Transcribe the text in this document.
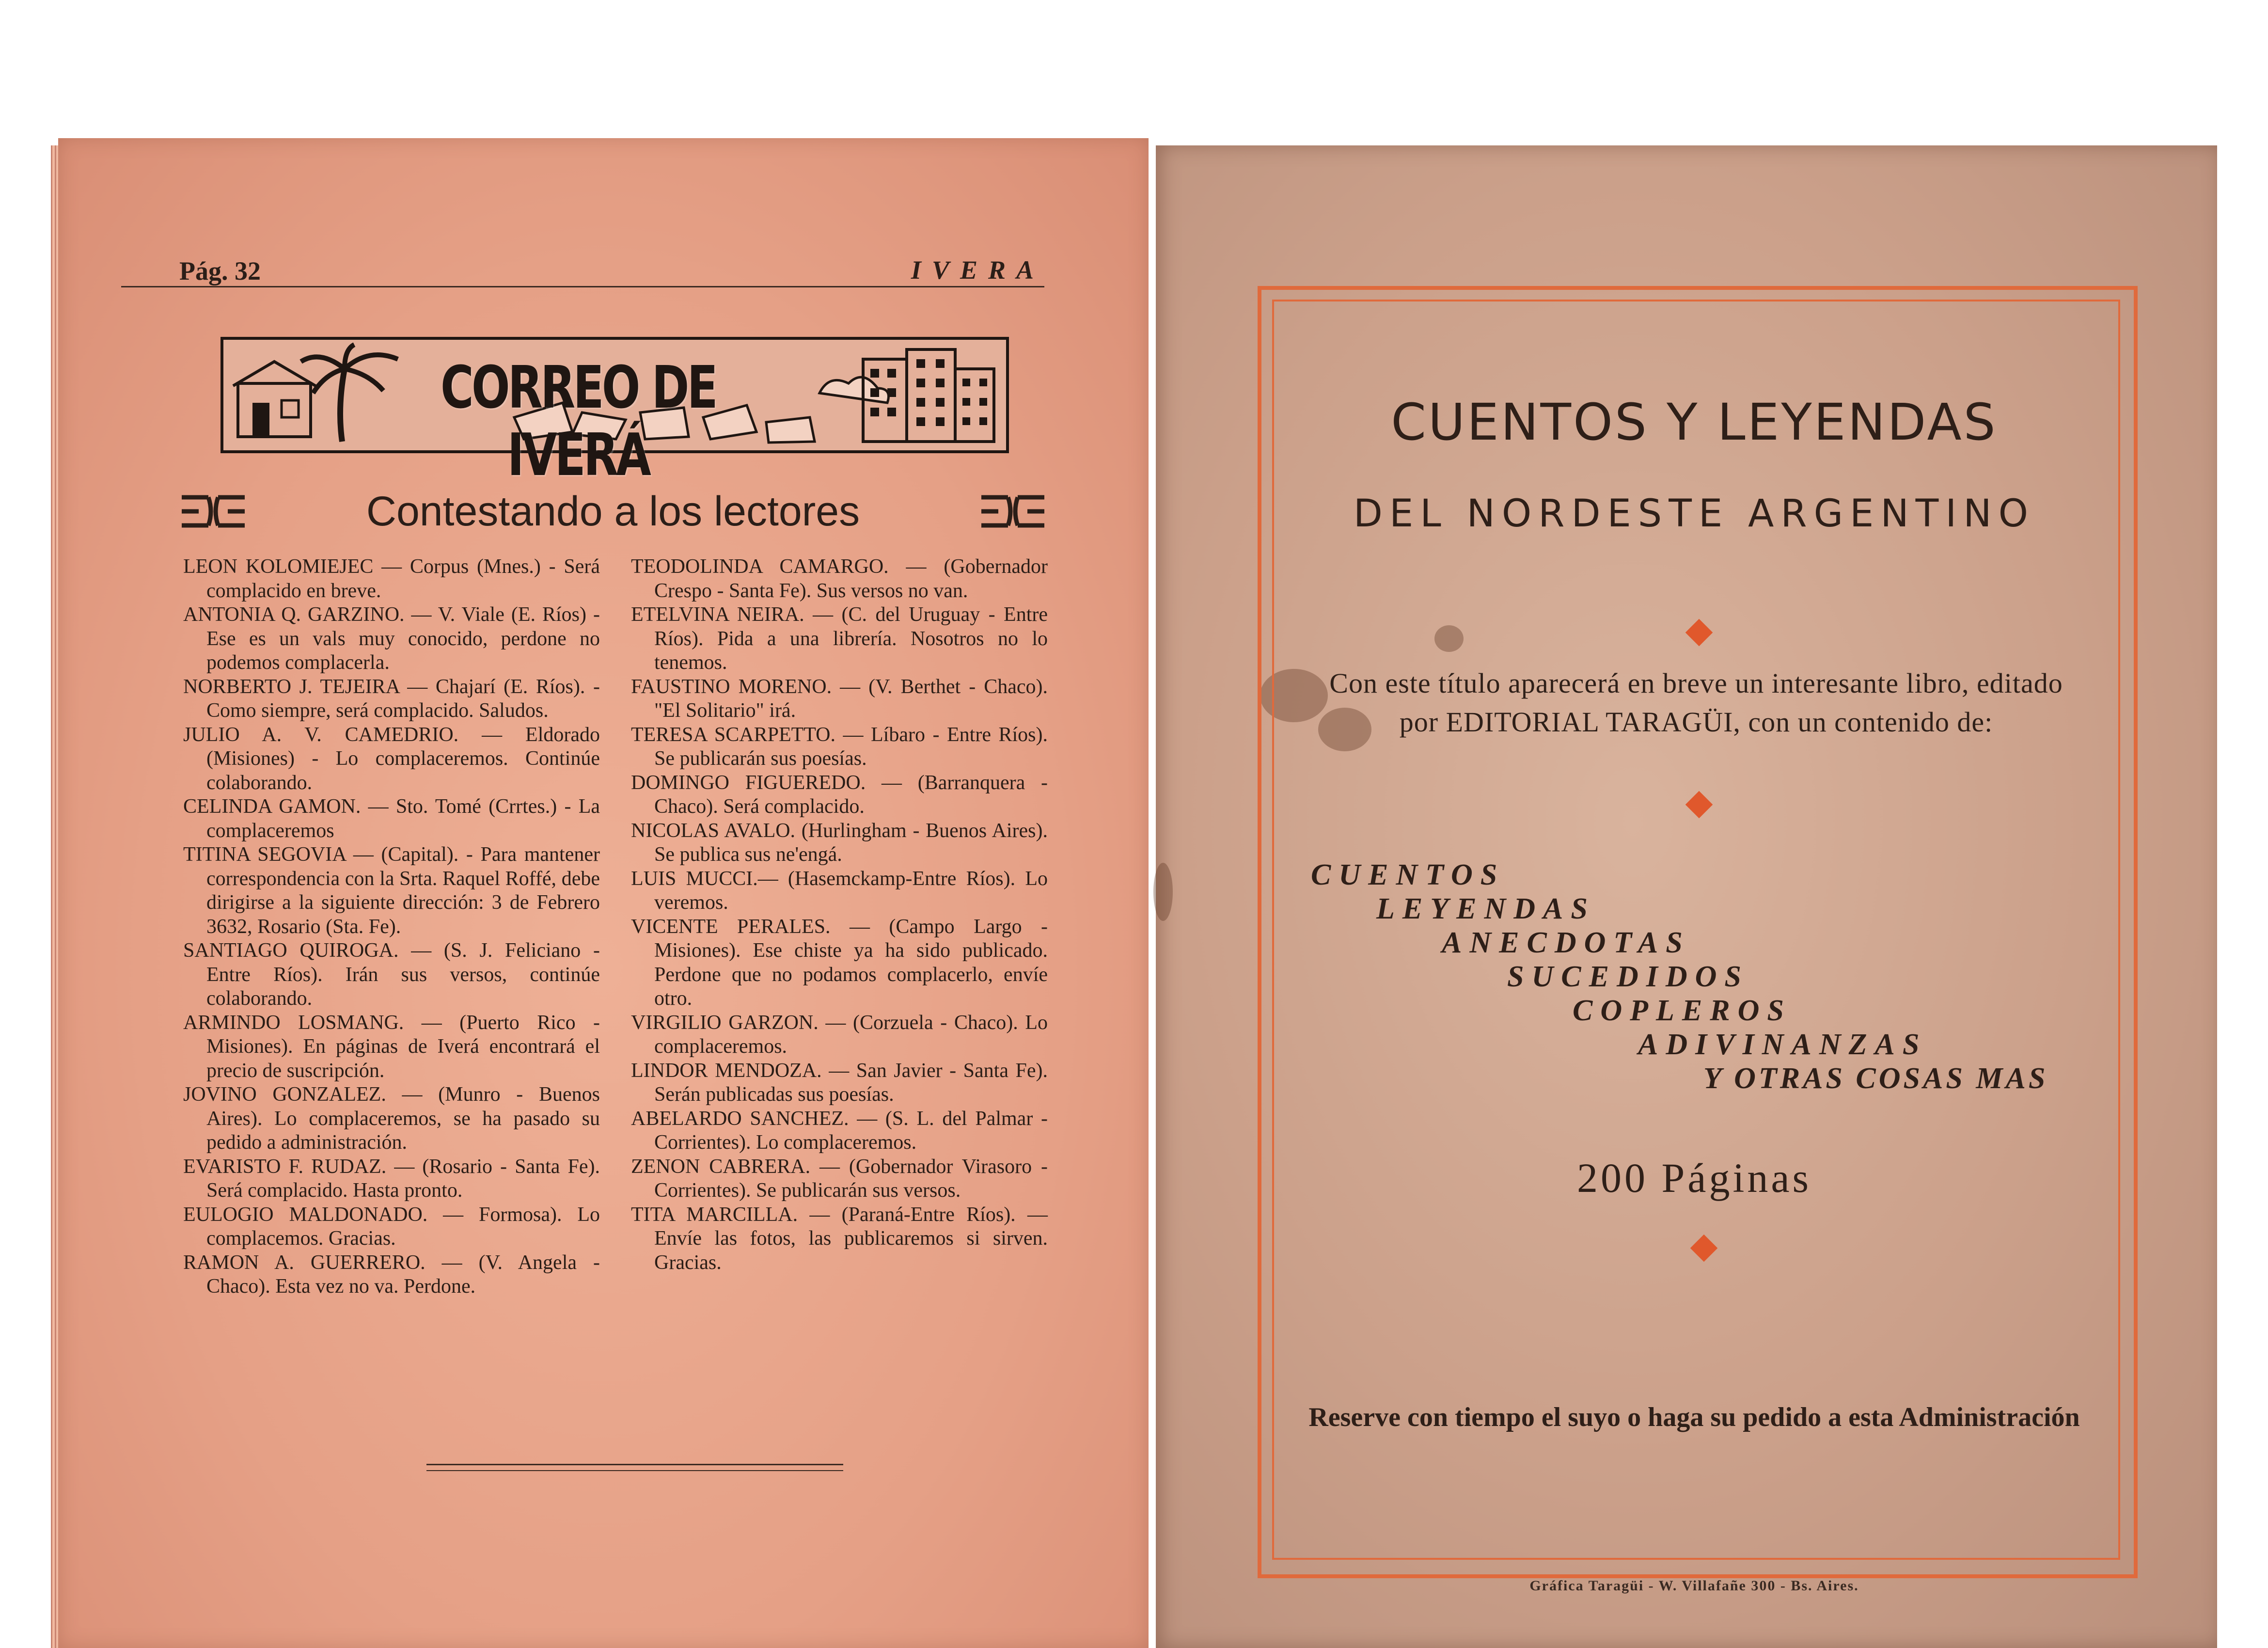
Pág. 32	IVERA
CORREO DE IVERÁ
Contestando a los lectores
LEON KOLOMIEJEC — Corpus (Mnes.) - Será complacido en breve.
ANTONIA Q. GARZINO. — V. Viale (E. Ríos) - Ese es un vals muy conocido, perdone no podemos complacerla.
NORBERTO J. TEJEIRA — Chajarí (E. Ríos). - Como siempre, será complacido. Saludos.
JULIO A. V. CAMEDRIO. — Eldorado (Misiones) - Lo complaceremos. Continúe colaborando.
CELINDA GAMON. — Sto. Tomé (Crrtes.) - La complaceremos
TITINA SEGOVIA — (Capital). - Para mantener correspondencia con la Srta. Raquel Roffé, debe dirigirse a la siguiente dirección: 3 de Febrero 3632, Rosario (Sta. Fe).
SANTIAGO QUIROGA. — (S. J. Feliciano - Entre Ríos). Irán sus versos, continúe colaborando.
ARMINDO LOSMANG. — (Puerto Rico - Misiones). En páginas de Iverá encontrará el precio de suscripción.
JOVINO GONZALEZ. — (Munro - Buenos Aires). Lo complaceremos, se ha pasado su pedido a administración.
EVARISTO F. RUDAZ. — (Rosario - Santa Fe). Será complacido. Hasta pronto.
EULOGIO MALDONADO. — Formosa). Lo complacemos. Gracias.
RAMON A. GUERRERO. — (V. Angela - Chaco). Esta vez no va. Perdone.
TEODOLINDA CAMARGO. — (Gobernador Crespo - Santa Fe). Sus versos no van.
ETELVINA NEIRA. — (C. del Uruguay - Entre Ríos). Pida a una librería. Nosotros no lo tenemos.
FAUSTINO MORENO. — (V. Berthet - Chaco). "El Solitario" irá.
TERESA SCARPETTO. — Líbaro - Entre Ríos). Se publicarán sus poesías.
DOMINGO FIGUEREDO. — (Barranquera - Chaco). Será complacido.
NICOLAS AVALO. (Hurlingham - Buenos Aires). Se publica sus ne'engá.
LUIS MUCCI.— (Hasemckamp-Entre Ríos). Lo veremos.
VICENTE PERALES. — (Campo Largo - Misiones). Ese chiste ya ha sido publicado. Perdone que no podamos complacerlo, envíe otro.
VIRGILIO GARZON. — (Corzuela - Chaco). Lo complaceremos.
LINDOR MENDOZA. — San Javier - Santa Fe). Serán publicadas sus poesías.
ABELARDO SANCHEZ. — (S. L. del Palmar - Corrientes). Lo complaceremos.
ZENON CABRERA. — (Gobernador Virasoro - Corrientes). Se publicarán sus versos.
TITA MARCILLA. — (Paraná-Entre Ríos). — Envíe las fotos, las publicaremos si sirven. Gracias.
CUENTOS Y LEYENDAS
DEL NORDESTE ARGENTINO
Con este título aparecerá en breve un interesante libro, editado por EDITORIAL TARAGÜI, con un contenido de:
CUENTOS
LEYENDAS
ANECDOTAS
SUCEDIDOS
COPLEROS
ADIVINANZAS
Y OTRAS COSAS MAS
200 Páginas
Reserve con tiempo el suyo o haga su pedido a esta Administración
Gráfica Taragüi - W. Villafañe 300 - Bs. Aires.
